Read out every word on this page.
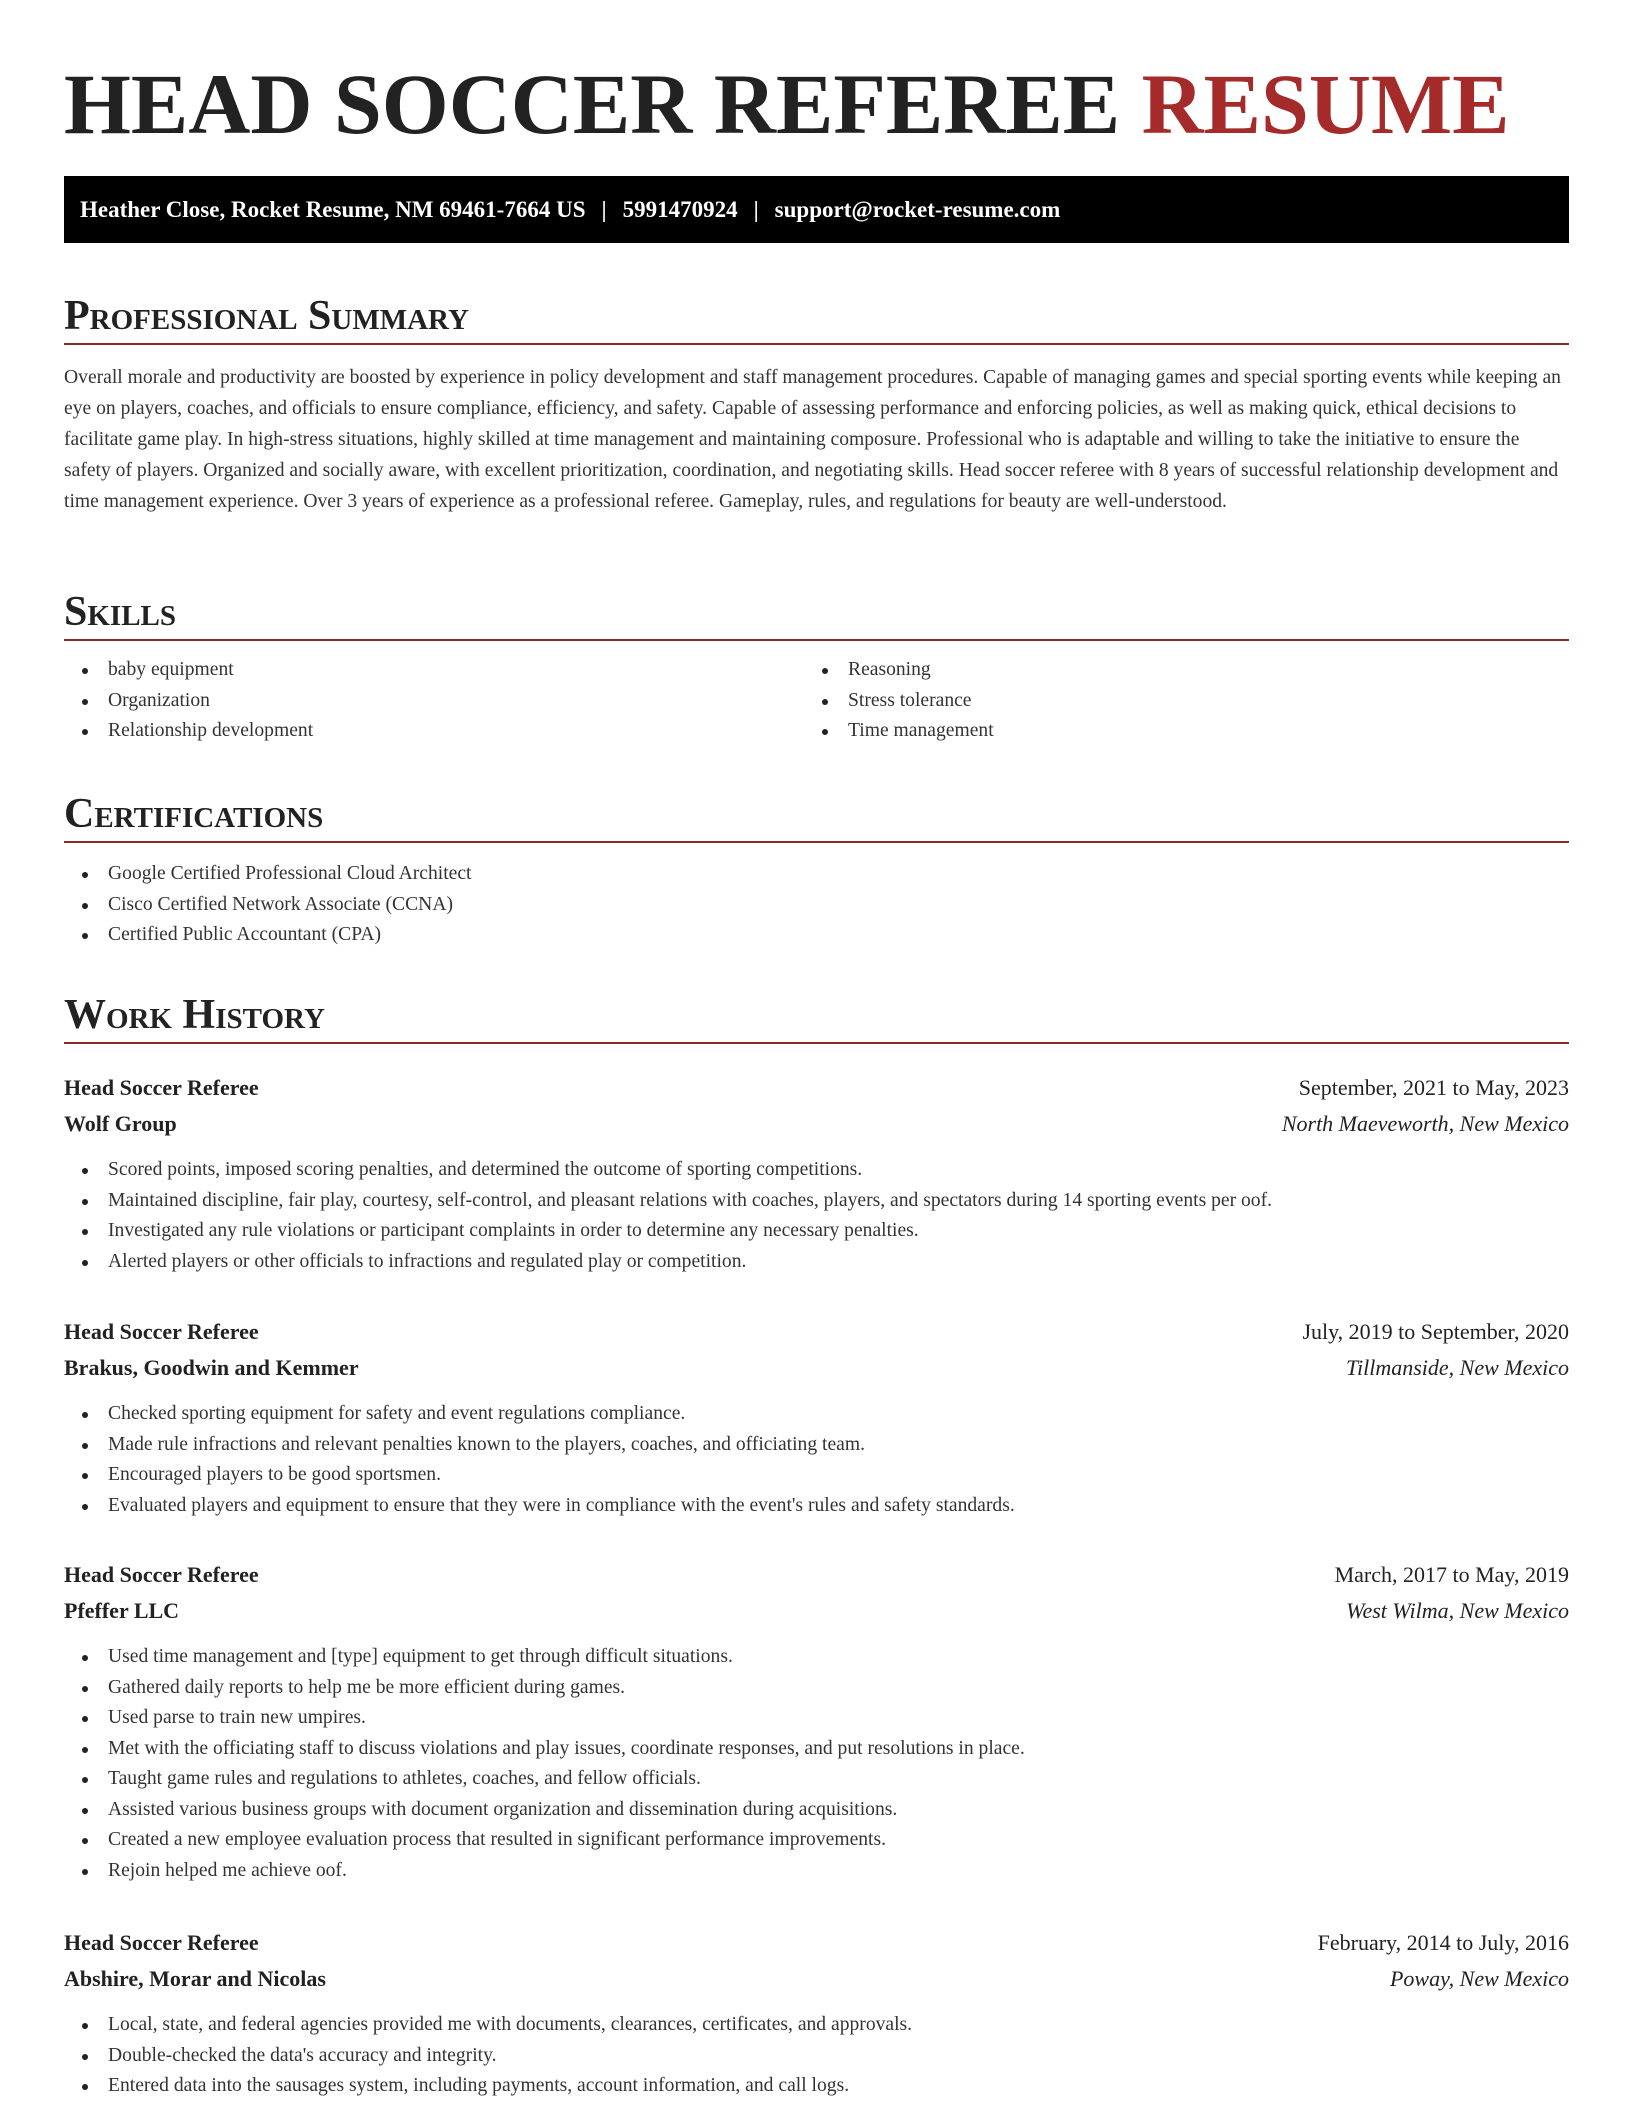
HEAD SOCCER REFEREE RESUME
Heather Close, Rocket Resume, NM 69461-7664 US | 5991470924 | support@rocket-resume.com
Professional Summary

Overall morale and productivity are boosted by experience in policy development and staff management procedures. Capable of managing games and special sporting events while keeping an eye on players, coaches, and officials to ensure compliance, efficiency, and safety. Capable of assessing performance and enforcing policies, as well as making quick, ethical decisions to facilitate game play. In high-stress situations, highly skilled at time management and maintaining composure. Professional who is adaptable and willing to take the initiative to ensure the safety of players. Organized and socially aware, with excellent prioritization, coordination, and negotiating skills. Head soccer referee with 8 years of successful relationship development and time management experience. Over 3 years of experience as a professional referee. Gameplay, rules, and regulations for beauty are well-understood.

Skills
baby equipment
Organization
Relationship development
Reasoning
Stress tolerance
Time management
Certifications
Google Certified Professional Cloud Architect
Cisco Certified Network Associate (CCNA)
Certified Public Accountant (CPA)
Work History
Head Soccer Referee	September, 2021 to May, 2023
Wolf Group	North Maeveworth, New Mexico
Scored points, imposed scoring penalties, and determined the outcome of sporting competitions.
Maintained discipline, fair play, courtesy, self-control, and pleasant relations with coaches, players, and spectators during 14 sporting events per oof.
Investigated any rule violations or participant complaints in order to determine any necessary penalties.
Alerted players or other officials to infractions and regulated play or competition.
Head Soccer Referee	July, 2019 to September, 2020
Brakus, Goodwin and Kemmer	Tillmanside, New Mexico
Checked sporting equipment for safety and event regulations compliance.
Made rule infractions and relevant penalties known to the players, coaches, and officiating team.
Encouraged players to be good sportsmen.
Evaluated players and equipment to ensure that they were in compliance with the event's rules and safety standards.
Head Soccer Referee	March, 2017 to May, 2019
Pfeffer LLC	West Wilma, New Mexico
Used time management and [type] equipment to get through difficult situations.
Gathered daily reports to help me be more efficient during games.
Used parse to train new umpires.
Met with the officiating staff to discuss violations and play issues, coordinate responses, and put resolutions in place.
Taught game rules and regulations to athletes, coaches, and fellow officials.
Assisted various business groups with document organization and dissemination during acquisitions.
Created a new employee evaluation process that resulted in significant performance improvements.
Rejoin helped me achieve oof.
Head Soccer Referee	February, 2014 to July, 2016
Abshire, Morar and Nicolas	Poway, New Mexico
Local, state, and federal agencies provided me with documents, clearances, certificates, and approvals.
Double-checked the data's accuracy and integrity.
Entered data into the sausages system, including payments, account information, and call logs.
